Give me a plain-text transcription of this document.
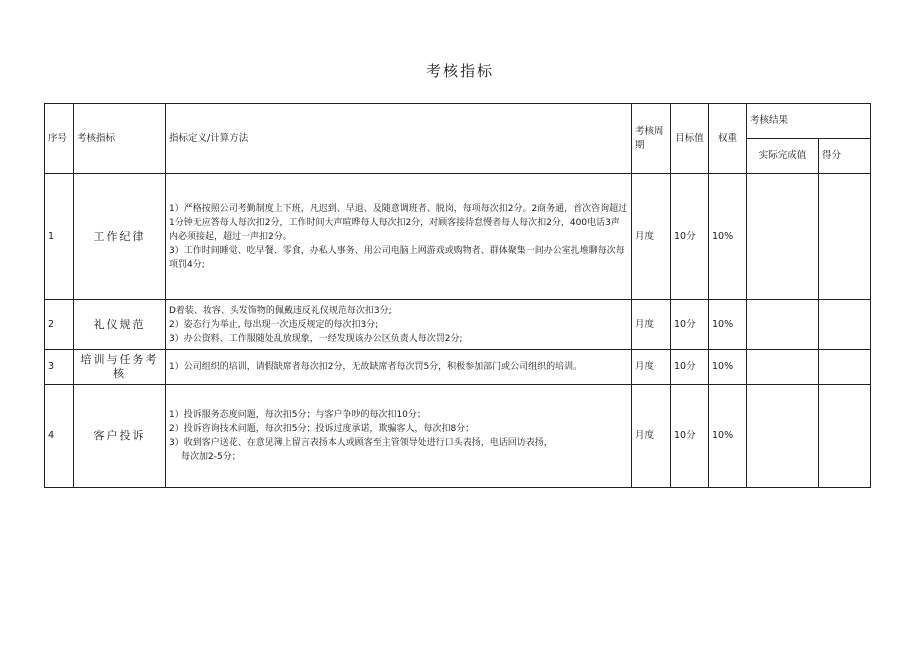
考核指标
序号	考核指标	指标定义/计算方法	考核周期	目标值	权重	考核结果	
						实际完成值	得分
1	工作纪律	1）严格按照公司考勤制度上下班，凡迟到、早退、及随意调班者、脱岗，每项每次扣2分。2商务通，首次咨询超过1分钟无应答每人每次扣2分，工作时间大声喧哗每人每次扣2分，对顾客接待怠慢者每人每次扣2分，400电话3声内必须接起，超过一声扣2分。
3）工作时间睡觉、吃早餐、零食，办私人事务、用公司电脑上网游戏或购物者、群体聚集一间办公室扎堆聊每次每项罚4分;	月度	10分	10%		
2	礼仪规范	D着装、妆容、头发饰物的佩戴违反礼仪规范每次扣3分;
2）姿态行为举止, 每出现一次违反规定的每次扣3分;
3）办公资料、工作服随处乱放现象，一经发现该办公区负责人每次罚2分;	月度	10分	10%		
3	培训与任务考核	1）公司组织的培训，请假缺席者每次扣2分，无故缺席者每次罚5分，积极参加部门或公司组织的培训。	月度	10分	10%		
4	客户投诉	1）投诉服务态度问题，每次扣5分；与客户争吵的每次扣10分；
2）投诉咨询技术问题，每次扣5分；投诉过度承诺，欺骗客人，每次扣8分；
3）收到客户送花、在意见簿上留言表扬本人或顾客至主管领导处进行口头表扬，电话回访表扬，
每次加2-5分；	月度	10分	10%		
